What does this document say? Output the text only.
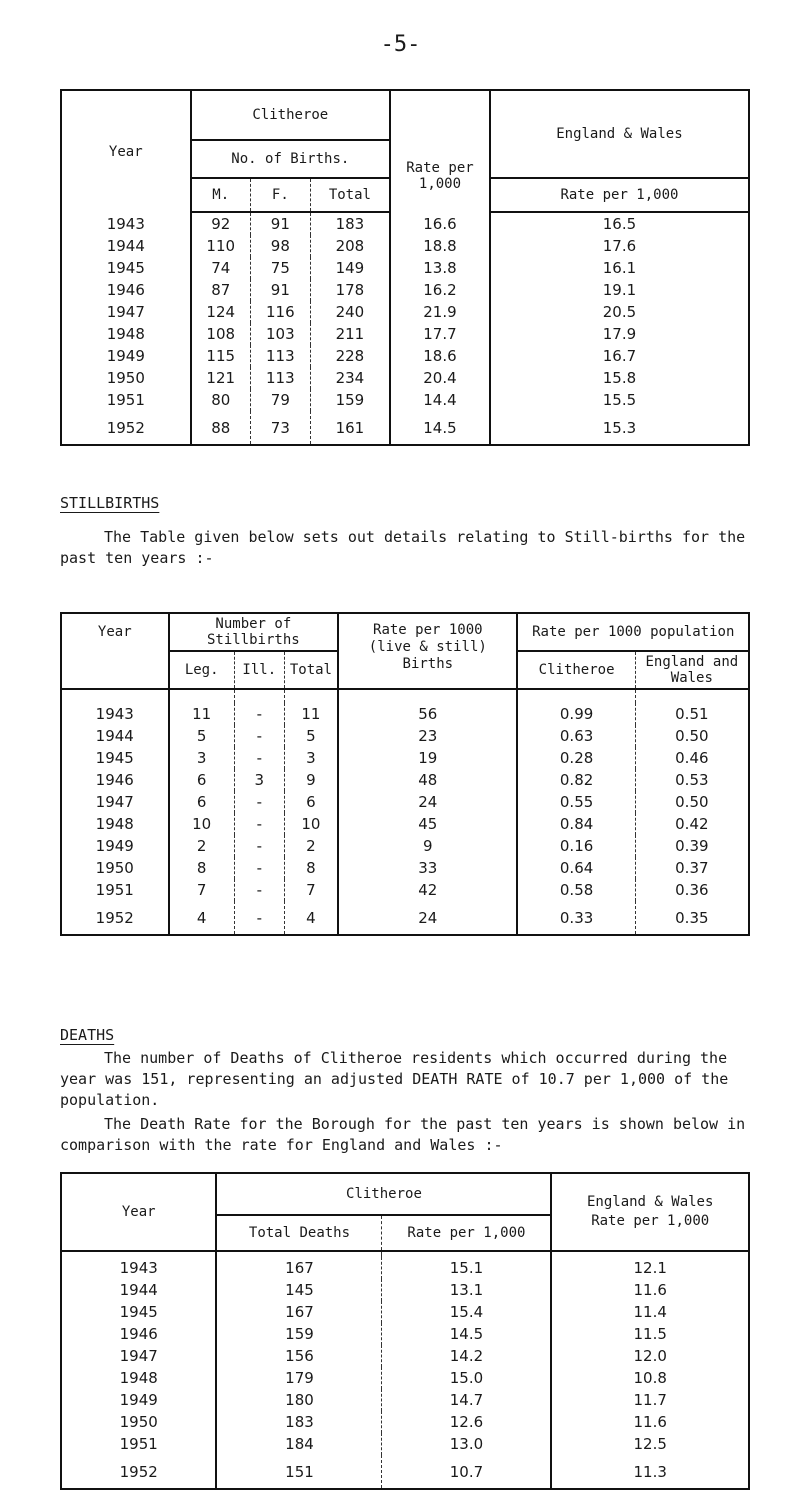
-5-
Year	Clitheroe				England & Wales
	No. of Births.			Rate per 1,000	
	M.	F.	Total		Rate per 1,000
1943	92	91	183	16.6	16.5
1944	110	98	208	18.8	17.6
1945	74	75	149	13.8	16.1
1946	87	91	178	16.2	19.1
1947	124	116	240	21.9	20.5
1948	108	103	211	17.7	17.9
1949	115	113	228	18.6	16.7
1950	121	113	234	20.4	15.8
1951	80	79	159	14.4	15.5
1952	88	73	161	14.5	15.3
STILLBIRTHS
The Table given below sets out details relating to Still-births for the past ten years :-
Year	Number of Stillbirths			Rate per 1000 (live & still) Births	Rate per 1000 population	
	Leg.	Ill.	Total		Clitheroe	England and Wales

1943	11	-	11	56	0.99	0.51
1944	5	-	5	23	0.63	0.50
1945	3	-	3	19	0.28	0.46
1946	6	3	9	48	0.82	0.53
1947	6	-	6	24	0.55	0.50
1948	10	-	10	45	0.84	0.42
1949	2	-	2	9	0.16	0.39
1950	8	-	8	33	0.64	0.37
1951	7	-	7	42	0.58	0.36
1952	4	-	4	24	0.33	0.35
DEATHS
The number of Deaths of Clitheroe residents which occurred during the year was 151, representing an adjusted DEATH RATE of 10.7 per 1,000 of the population.
The Death Rate for the Borough for the past ten years is shown below in comparison with the rate for England and Wales :-
Year	Clitheroe		England & Wales Rate per 1,000
	Total Deaths	Rate per 1,000	

1943	167	15.1	12.1
1944	145	13.1	11.6
1945	167	15.4	11.4
1946	159	14.5	11.5
1947	156	14.2	12.0
1948	179	15.0	10.8
1949	180	14.7	11.7
1950	183	12.6	11.6
1951	184	13.0	12.5
1952	151	10.7	11.3
